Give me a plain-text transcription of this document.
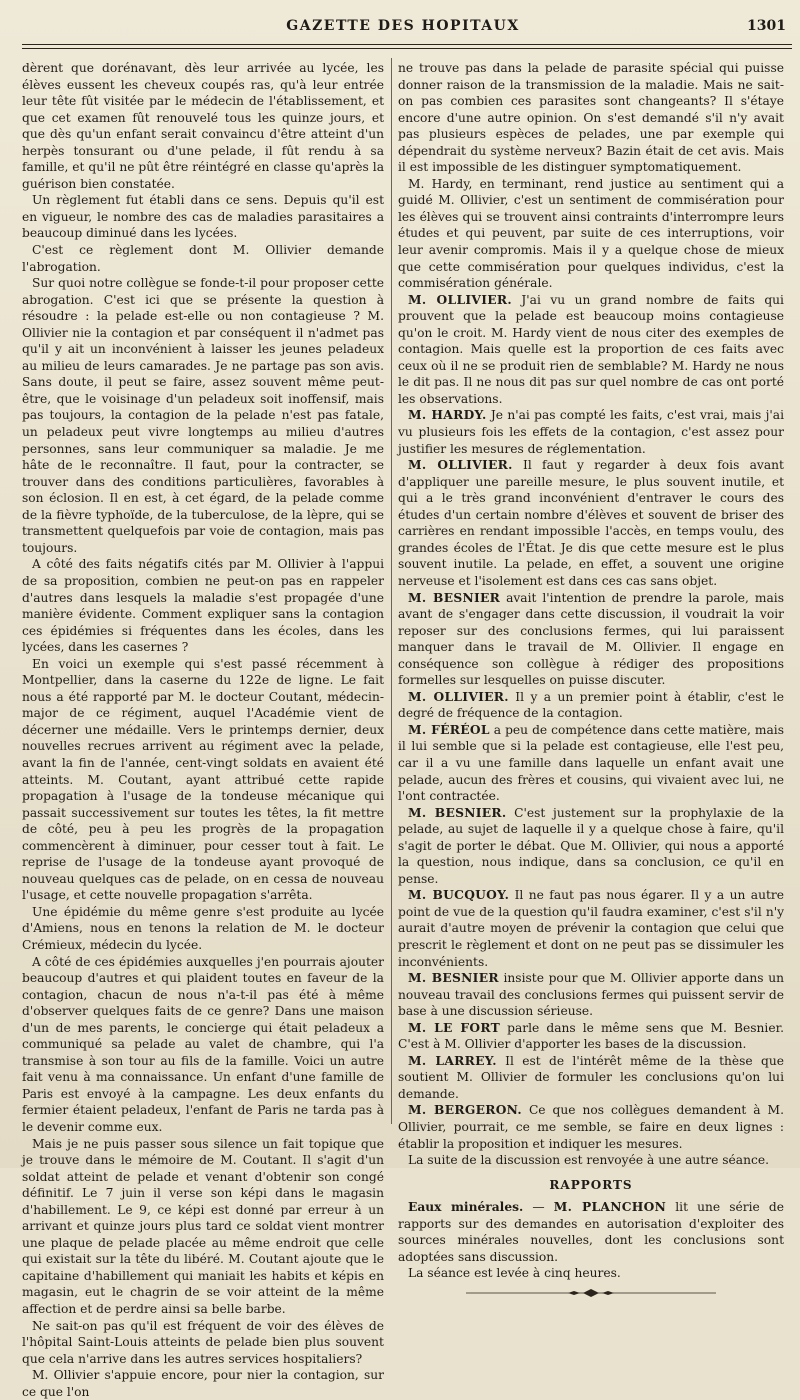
GAZETTE DES HOPITAUX	1301

dèrent que dorénavant, dès leur arrivée au lycée, les élèves eussent les cheveux coupés ras, qu'à leur entrée leur tête fût visitée par le médecin de l'établissement, et que cet examen fût renouvelé tous les quinze jours, et que dès qu'un enfant serait convaincu d'être atteint d'un herpès tonsurant ou d'une pelade, il fût rendu à sa famille, et qu'il ne pût être réintégré en classe qu'après la guérison bien constatée.

Un règlement fut établi dans ce sens. Depuis qu'il est en vigueur, le nombre des cas de maladies parasitaires a beaucoup diminué dans les lycées.

C'est ce règlement dont M. Ollivier demande l'abrogation.

Sur quoi notre collègue se fonde-t-il pour proposer cette abrogation. C'est ici que se présente la question à résoudre : la pelade est-elle ou non contagieuse ? M. Ollivier nie la contagion et par conséquent il n'admet pas qu'il y ait un inconvénient à laisser les jeunes peladeux au milieu de leurs camarades. Je ne partage pas son avis. Sans doute, il peut se faire, assez souvent même peut-être, que le voisinage d'un peladeux soit inoffensif, mais pas toujours, la contagion de la pelade n'est pas fatale, un peladeux peut vivre longtemps au milieu d'autres personnes, sans leur communiquer sa maladie. Je me hâte de le reconnaître. Il faut, pour la contracter, se trouver dans des conditions particulières, favorables à son éclosion. Il en est, à cet égard, de la pelade comme de la fièvre typhoïde, de la tuberculose, de la lèpre, qui se transmettent quelquefois par voie de contagion, mais pas toujours.

A côté des faits négatifs cités par M. Ollivier à l'appui de sa proposition, combien ne peut-on pas en rappeler d'autres dans lesquels la maladie s'est propagée d'une manière évidente. Comment expliquer sans la contagion ces épidémies si fréquentes dans les écoles, dans les lycées, dans les casernes ?

En voici un exemple qui s'est passé récemment à Montpellier, dans la caserne du 122e de ligne. Le fait nous a été rapporté par M. le docteur Coutant, médecin-major de ce régiment, auquel l'Académie vient de décerner une médaille. Vers le printemps dernier, deux nouvelles recrues arrivent au régiment avec la pelade, avant la fin de l'année, cent-vingt soldats en avaient été atteints. M. Coutant, ayant attribué cette rapide propagation à l'usage de la tondeuse mécanique qui passait successivement sur toutes les têtes, la fit mettre de côté, peu à peu les progrès de la propagation commencèrent à diminuer, pour cesser tout à fait. Le reprise de l'usage de la tondeuse ayant provoqué de nouveau quelques cas de pelade, on en cessa de nouveau l'usage, et cette nouvelle propagation s'arrêta.

Une épidémie du même genre s'est produite au lycée d'Amiens, nous en tenons la relation de M. le docteur Crémieux, médecin du lycée.

A côté de ces épidémies auxquelles j'en pourrais ajouter beaucoup d'autres et qui plaident toutes en faveur de la contagion, chacun de nous n'a-t-il pas été à même d'observer quelques faits de ce genre? Dans une maison d'un de mes parents, le concierge qui était peladeux a communiqué sa pelade au valet de chambre, qui l'a transmise à son tour au fils de la famille. Voici un autre fait venu à ma connaissance. Un enfant d'une famille de Paris est envoyé à la campagne. Les deux enfants du fermier étaient peladeux, l'enfant de Paris ne tarda pas à le devenir comme eux.

Mais je ne puis passer sous silence un fait topique que je trouve dans le mémoire de M. Coutant. Il s'agit d'un soldat atteint de pelade et venant d'obtenir son congé définitif. Le 7 juin il verse son képi dans le magasin d'habillement. Le 9, ce képi est donné par erreur à un arrivant et quinze jours plus tard ce soldat vient montrer une plaque de pelade placée au même endroit que celle qui existait sur la tête du libéré. M. Coutant ajoute que le capitaine d'habillement qui maniait les habits et képis en magasin, eut le chagrin de se voir atteint de la même affection et de perdre ainsi sa belle barbe.

Ne sait-on pas qu'il est fréquent de voir des élèves de l'hôpital Saint-Louis atteints de pelade bien plus souvent que cela n'arrive dans les autres services hospitaliers?

M. Ollivier s'appuie encore, pour nier la contagion, sur ce que l'on

ne trouve pas dans la pelade de parasite spécial qui puisse donner raison de la transmission de la maladie. Mais ne sait-on pas combien ces parasites sont changeants? Il s'étaye encore d'une autre opinion. On s'est demandé s'il n'y avait pas plusieurs espèces de pelades, une par exemple qui dépendrait du système nerveux? Bazin était de cet avis. Mais il est impossible de les distinguer symptomatiquement.

M. Hardy, en terminant, rend justice au sentiment qui a guidé M. Ollivier, c'est un sentiment de commisération pour les élèves qui se trouvent ainsi contraints d'interrompre leurs études et qui peuvent, par suite de ces interruptions, voir leur avenir compromis. Mais il y a quelque chose de mieux que cette commisération pour quelques individus, c'est la commisération générale.

M. OLLIVIER. J'ai vu un grand nombre de faits qui prouvent que la pelade est beaucoup moins contagieuse qu'on le croit. M. Hardy vient de nous citer des exemples de contagion. Mais quelle est la proportion de ces faits avec ceux où il ne se produit rien de semblable? M. Hardy ne nous le dit pas. Il ne nous dit pas sur quel nombre de cas ont porté les observations.

M. HARDY. Je n'ai pas compté les faits, c'est vrai, mais j'ai vu plusieurs fois les effets de la contagion, c'est assez pour justifier les mesures de réglementation.

M. OLLIVIER. Il faut y regarder à deux fois avant d'appliquer une pareille mesure, le plus souvent inutile, et qui a le très grand inconvénient d'entraver le cours des études d'un certain nombre d'élèves et souvent de briser des carrières en rendant impossible l'accès, en temps voulu, des grandes écoles de l'État. Je dis que cette mesure est le plus souvent inutile. La pelade, en effet, a souvent une origine nerveuse et l'isolement est dans ces cas sans objet.

M. BESNIER avait l'intention de prendre la parole, mais avant de s'engager dans cette discussion, il voudrait la voir reposer sur des conclusions fermes, qui lui paraissent manquer dans le travail de M. Ollivier. Il engage en conséquence son collègue à rédiger des propositions formelles sur lesquelles on puisse discuter.

M. OLLIVIER. Il y a un premier point à établir, c'est le degré de fréquence de la contagion.

M. FÉRÉOL a peu de compétence dans cette matière, mais il lui semble que si la pelade est contagieuse, elle l'est peu, car il a vu une famille dans laquelle un enfant avait une pelade, aucun des frères et cousins, qui vivaient avec lui, ne l'ont contractée.

M. BESNIER. C'est justement sur la prophylaxie de la pelade, au sujet de laquelle il y a quelque chose à faire, qu'il s'agit de porter le débat. Que M. Ollivier, qui nous a apporté la question, nous indique, dans sa conclusion, ce qu'il en pense.

M. BUCQUOY. Il ne faut pas nous égarer. Il y a un autre point de vue de la question qu'il faudra examiner, c'est s'il n'y aurait d'autre moyen de prévenir la contagion que celui que prescrit le règlement et dont on ne peut pas se dissimuler les inconvénients.

M. BESNIER insiste pour que M. Ollivier apporte dans un nouveau travail des conclusions fermes qui puissent servir de base à une discussion sérieuse.

M. LE FORT parle dans le même sens que M. Besnier. C'est à M. Ollivier d'apporter les bases de la discussion.

M. LARREY. Il est de l'intérêt même de la thèse que soutient M. Ollivier de formuler les conclusions qu'on lui demande.

M. BERGERON. Ce que nos collègues demandent à M. Ollivier, pourrait, ce me semble, se faire en deux lignes : établir la proposition et indiquer les mesures.

La suite de la discussion est renvoyée à une autre séance.

RAPPORTS

Eaux minérales. — M. PLANCHON lit une série de rapports sur des demandes en autorisation d'exploiter des sources minérales nouvelles, dont les conclusions sont adoptées sans discussion.

La séance est levée à cinq heures.
